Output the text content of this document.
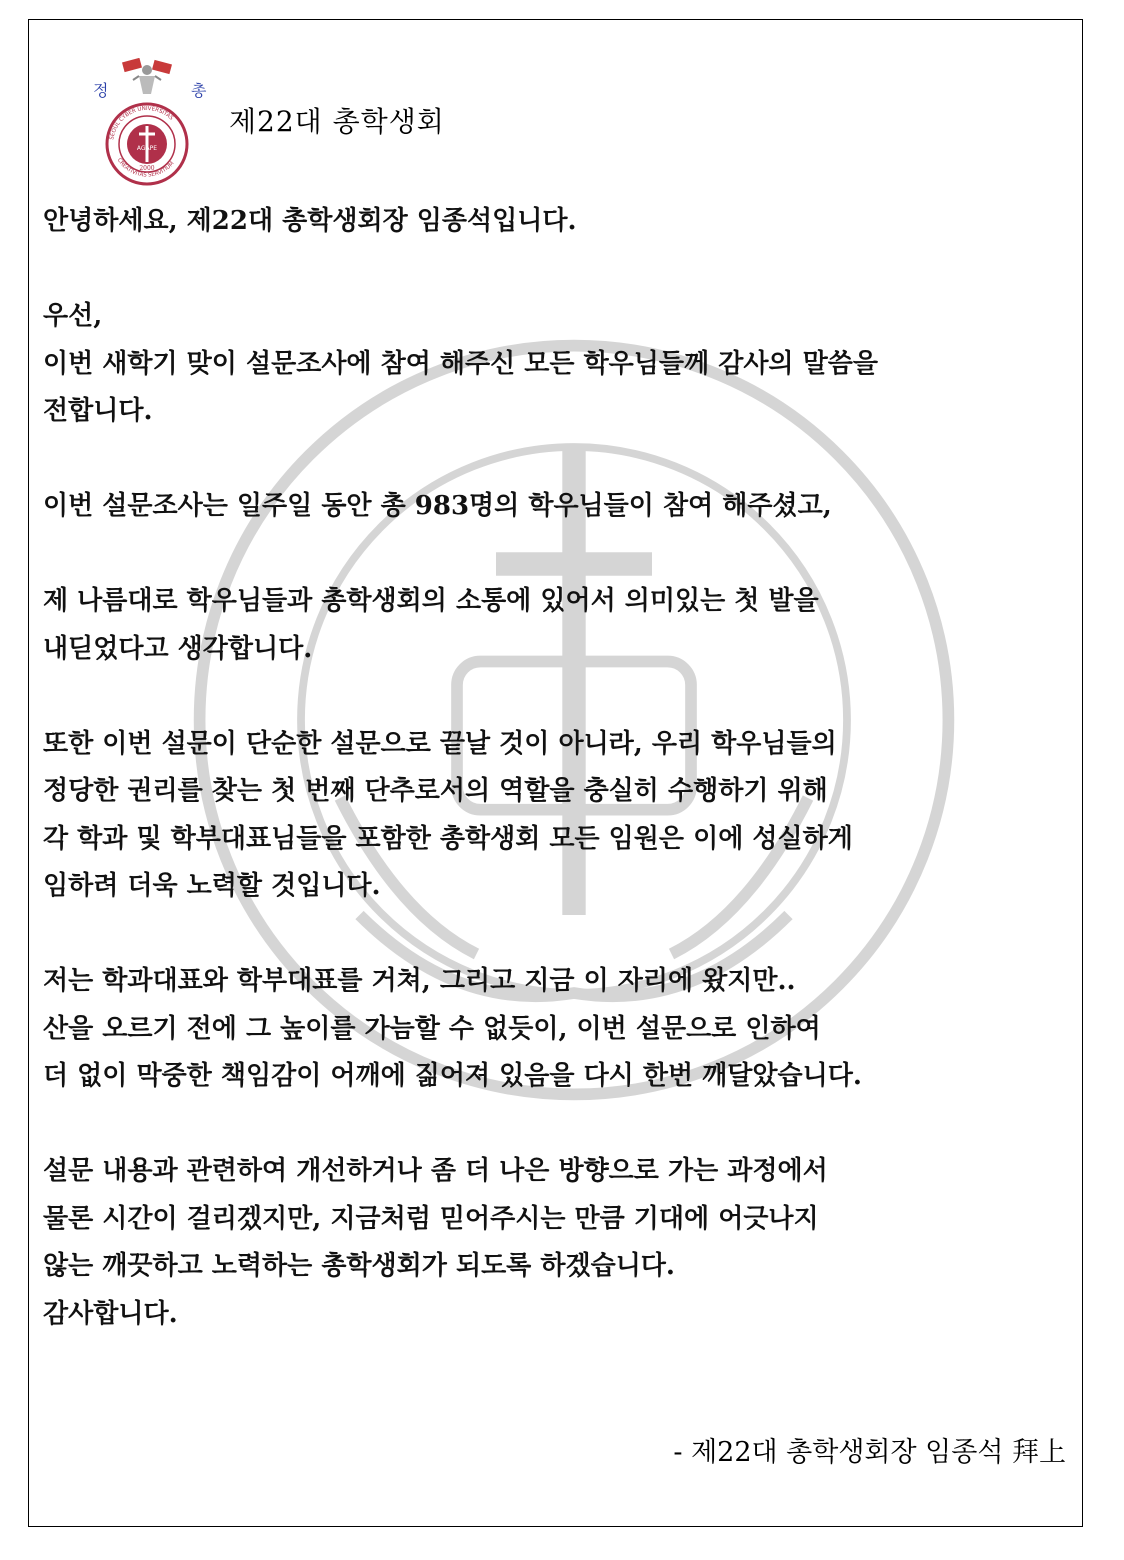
정	총
AGAPE
2000
SEOUL CYBER UNIVERSITAS
CREATIVITAS SERVITIUM
제22대 총학생회

안녕하세요, 제22대 총학생회장 임종석입니다.

우선,

이번 새학기 맞이 설문조사에 참여 해주신 모든 학우님들께 감사의 말씀을

전합니다.

이번 설문조사는 일주일 동안 총 983명의 학우님들이 참여 해주셨고,

제 나름대로 학우님들과 총학생회의 소통에 있어서 의미있는 첫 발을

내딛었다고 생각합니다.

또한 이번 설문이 단순한 설문으로 끝날 것이 아니라, 우리 학우님들의

정당한 권리를 찾는 첫 번째 단추로서의 역할을 충실히 수행하기 위해

각 학과 및 학부대표님들을 포함한 총학생회 모든 임원은 이에 성실하게

임하려 더욱 노력할 것입니다.

저는 학과대표와 학부대표를 거쳐, 그리고 지금 이 자리에 왔지만..

산을 오르기 전에 그 높이를 가늠할 수 없듯이, 이번 설문으로 인하여

더 없이 막중한 책임감이 어깨에 짊어져 있음을 다시 한번 깨달았습니다.

설문 내용과 관련하여 개선하거나 좀 더 나은 방향으로 가는 과정에서

물론 시간이 걸리겠지만, 지금처럼 믿어주시는 만큼 기대에 어긋나지

않는 깨끗하고 노력하는 총학생회가 되도록 하겠습니다.

감사합니다.

- 제22대 총학생회장 임종석 拜上
